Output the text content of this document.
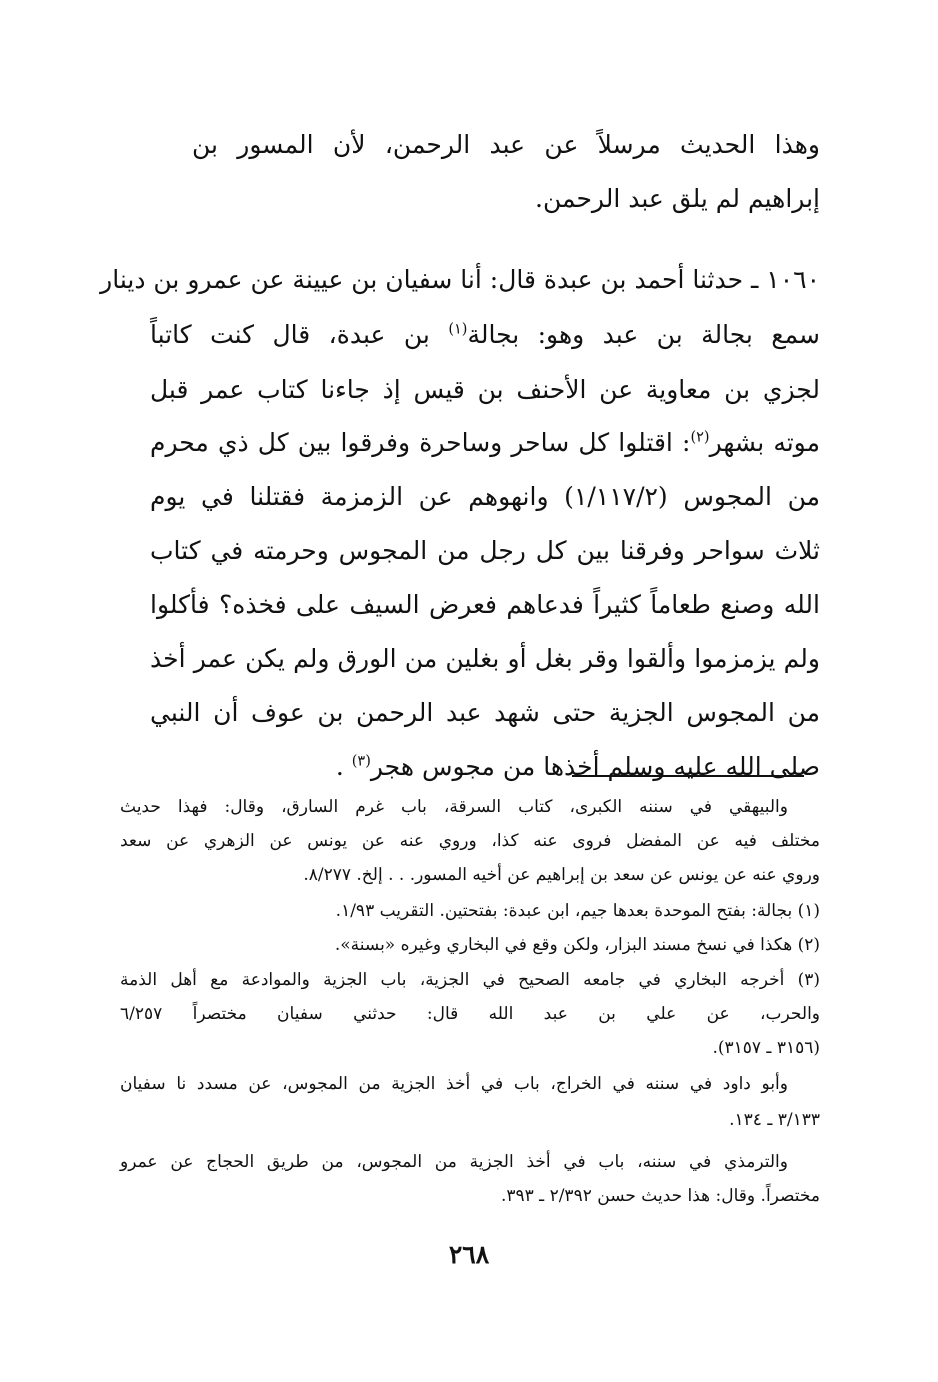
وهذا الحديث مرسلاً عن عبد الرحمن، لأن المسور بن

إبراهيم لم يلق عبد الرحمن.

١٠٦٠ ـ حدثنا أحمد بن عبدة قال: أنا سفيان بن عيينة عن عمرو بن دينار

سمع بجالة بن عبد وهو: بجالة$^{(١)}$ بن عبدة، قال كنت كاتباً

لجزي بن معاوية عن الأحنف بن قيس إذ جاءنا كتاب عمر قبل

موته بشهر$^{(٢)}$: اقتلوا كل ساحر وساحرة وفرقوا بين كل ذي محرم

من المجوس (١/١١٧/٢) وانهوهم عن الزمزمة فقتلنا في يوم

ثلاث سواحر وفرقنا بين كل رجل من المجوس وحرمته في كتاب

الله وصنع طعاماً كثيراً فدعاهم فعرض السيف على فخذه؟ فأكلوا

ولم يزمزموا وألقوا وقر بغل أو بغلين من الورق ولم يكن عمر أخذ

من المجوس الجزية حتى شهد عبد الرحمن بن عوف أن النبي

صلى الله عليه وسلم أخذها من مجوس هجر$^{(٣)}$ .

والبيهقي في سننه الكبرى، كتاب السرقة، باب غرم السارق، وقال: فهذا حديث

مختلف فيه عن المفضل فروى عنه كذا، وروي عنه عن يونس عن الزهري عن سعد

وروي عنه عن يونس عن سعد بن إبراهيم عن أخيه المسور. . . إلخ. ٨/٢٧٧.

(١) بجالة: بفتح الموحدة بعدها جيم، ابن عبدة: بفتحتين. التقريب ١/٩٣.

(٢) هكذا في نسخ مسند البزار، ولكن وقع في البخاري وغيره «بسنة».

(٣) أخرجه البخاري في جامعه الصحيح في الجزية، باب الجزية والموادعة مع أهل الذمة

والحرب، عن علي بن عبد الله قال: حدثني سفيان مختصراً ٦/٢٥٧

(٣١٥٦ ـ ٣١٥٧).

وأبو داود في سننه في الخراج، باب في أخذ الجزية من المجوس، عن مسدد نا سفيان

٣/١٣٣ ـ ١٣٤.

والترمذي في سننه، باب في أخذ الجزية من المجوس، من طريق الحجاج عن عمرو

مختصراً. وقال: هذا حديث حسن ٢/٣٩٢ ـ ٣٩٣.

٢٦٨
